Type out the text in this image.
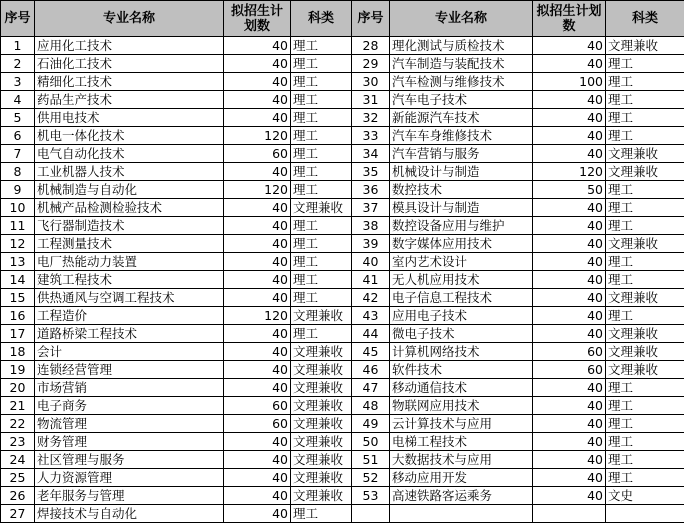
序号	专业名称	拟招生计划数	科类	序号	专业名称	拟招生计划数	科类
1	应用化工技术	40	理工	28	理化测试与质检技术	40	文理兼收
2	石油化工技术	40	理工	29	汽车制造与装配技术	40	理工
3	精细化工技术	40	理工	30	汽车检测与维修技术	100	理工
4	药品生产技术	40	理工	31	汽车电子技术	40	理工
5	供用电技术	40	理工	32	新能源汽车技术	40	理工
6	机电一体化技术	120	理工	33	汽车车身维修技术	40	理工
7	电气自动化技术	60	理工	34	汽车营销与服务	40	文理兼收
8	工业机器人技术	40	理工	35	机械设计与制造	120	文理兼收
9	机械制造与自动化	120	理工	36	数控技术	50	理工
10	机械产品检测检验技术	40	文理兼收	37	模具设计与制造	40	理工
11	飞行器制造技术	40	理工	38	数控设备应用与维护	40	理工
12	工程测量技术	40	理工	39	数字媒体应用技术	40	文理兼收
13	电厂热能动力装置	40	理工	40	室内艺术设计	40	理工
14	建筑工程技术	40	理工	41	无人机应用技术	40	理工
15	供热通风与空调工程技术	40	理工	42	电子信息工程技术	40	文理兼收
16	工程造价	120	文理兼收	43	应用电子技术	40	理工
17	道路桥梁工程技术	40	理工	44	微电子技术	40	文理兼收
18	会计	40	文理兼收	45	计算机网络技术	60	文理兼收
19	连锁经营管理	40	文理兼收	46	软件技术	60	文理兼收
20	市场营销	40	文理兼收	47	移动通信技术	40	理工
21	电子商务	60	文理兼收	48	物联网应用技术	40	理工
22	物流管理	60	文理兼收	49	云计算技术与应用	40	理工
23	财务管理	40	文理兼收	50	电梯工程技术	40	理工
24	社区管理与服务	40	文理兼收	51	大数据技术与应用	40	理工
25	人力资源管理	40	文理兼收	52	移动应用开发	40	理工
26	老年服务与管理	40	文理兼收	53	高速铁路客运乘务	40	文史
27	焊接技术与自动化	40	理工				
